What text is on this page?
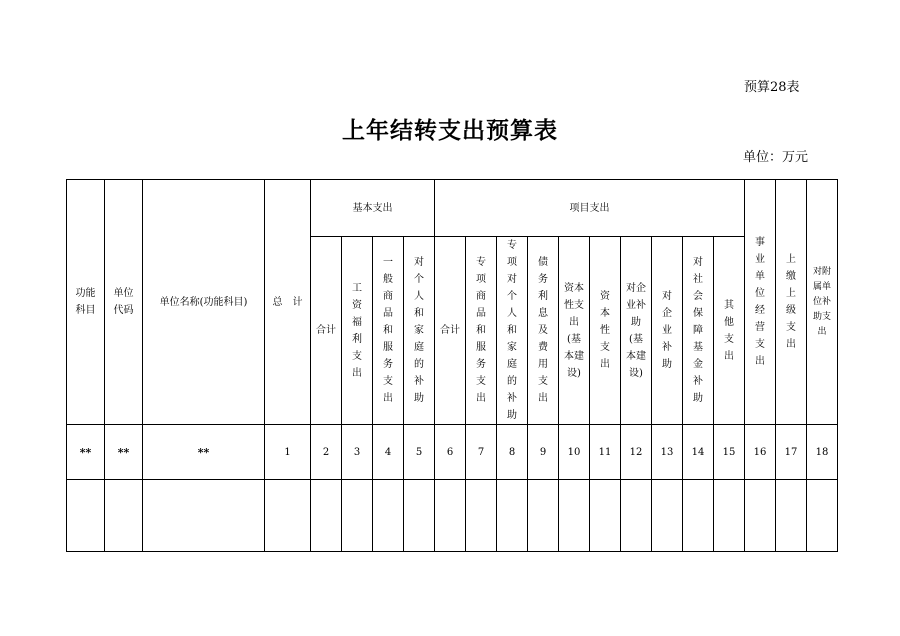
预算28表
上年结转支出预算表
单位：万元
功能科目	单位代码	单位名称(功能科目)	总　计	基本支出				项目支出										事业单位经营支出	上缴上级支出	对附属单位补助支出
				合计	工资福利支出	一般商品和服务支出	对个人和家庭的补助	合计	专项商品和服务支出	专项对个人和家庭的补助	债务利息及费用支出	资本性支出(基本建设)	资本性支出	对企业补助(基本建设)	对企业补助	对社会保障基金补助	其他支出			
**	**	**	1	2	3	4	5	6	7	8	9	10	11	12	13	14	15	16	17	18
